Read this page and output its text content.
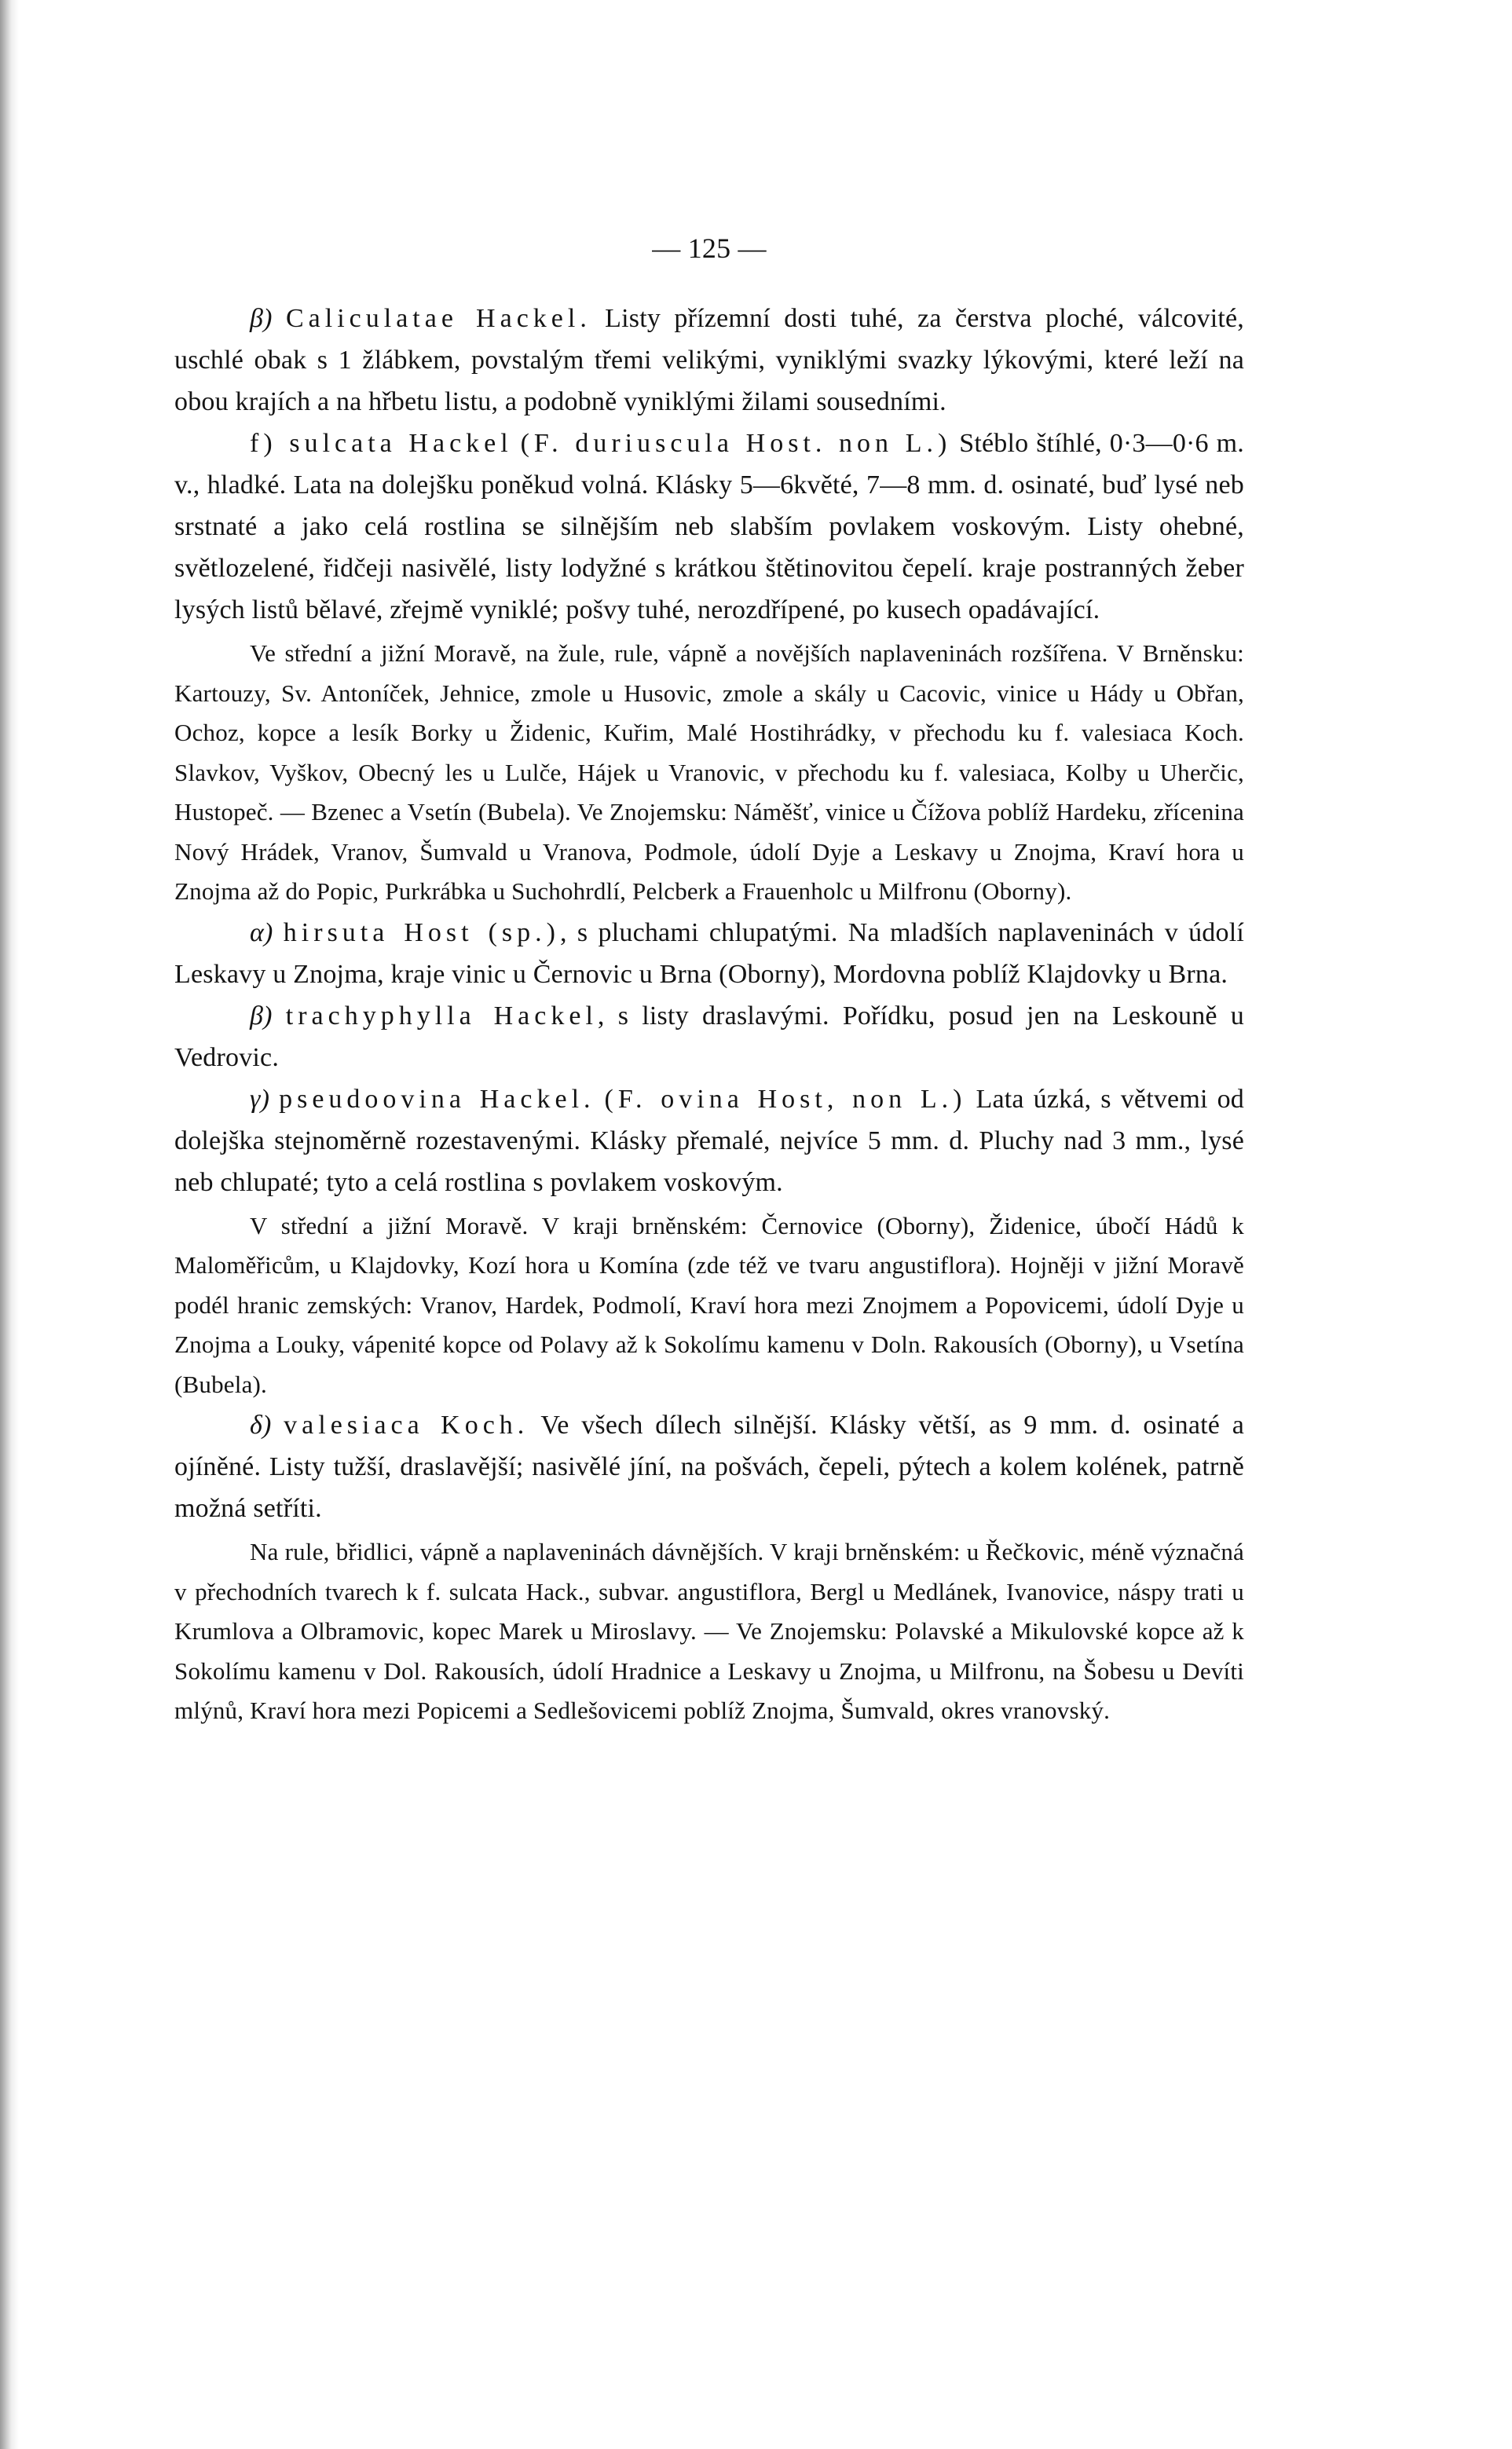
— 125 —

β) Caliculatae Hackel. Listy přízemní dosti tuhé, za čerstva ploché, válcovité, uschlé obak s 1 žlábkem, povstalým třemi velikými, vyniklými svazky lýkovými, které leží na obou krajích a na hřbetu listu, a podobně vyniklými žilami sousedními.

f) sulcata Hackel (F. duriuscula Host. non L.) Stéblo štíhlé, 0·3—0·6 m. v., hladké. Lata na dolejšku poněkud volná. Klásky 5—6květé, 7—8 mm. d. osinaté, buď lysé neb srstnaté a jako celá rostlina se silnějším neb slabším povlakem voskovým. Listy ohebné, světlozelené, řidčeji nasivělé, listy lodyžné s krátkou štětinovitou čepelí. kraje postranných žeber lysých listů bělavé, zřejmě vyniklé; pošvy tuhé, nerozdřípené, po kusech opadávající.

Ve střední a jižní Moravě, na žule, rule, vápně a novějších naplaveninách rozšířena. V Brněnsku: Kartouzy, Sv. Antoníček, Jehnice, zmole u Husovic, zmole a skály u Cacovic, vinice u Hády u Obřan, Ochoz, kopce a lesík Borky u Židenic, Kuřim, Malé Hostihrádky, v přechodu ku f. valesiaca Koch. Slavkov, Vyškov, Obecný les u Lulče, Hájek u Vranovic, v přechodu ku f. valesiaca, Kolby u Uherčic, Hustopeč. — Bzenec a Vsetín (Bubela). Ve Znojemsku: Náměšť, vinice u Čížova poblíž Hardeku, zřícenina Nový Hrádek, Vranov, Šumvald u Vranova, Podmole, údolí Dyje a Leskavy u Znojma, Kraví hora u Znojma až do Popic, Purkrábka u Suchohrdlí, Pelcberk a Frauenholc u Milfronu (Oborny).

α) hirsuta Host (sp.), s pluchami chlupatými. Na mladších naplaveninách v údolí Leskavy u Znojma, kraje vinic u Černovic u Brna (Oborny), Mordovna poblíž Klajdovky u Brna.

β) trachyphylla Hackel, s listy draslavými. Pořídku, posud jen na Leskouně u Vedrovic.

γ) pseudoovina Hackel. (F. ovina Host, non L.) Lata úzká, s větvemi od dolejška stejnoměrně rozestavenými. Klásky přemalé, nejvíce 5 mm. d. Pluchy nad 3 mm., lysé neb chlupaté; tyto a celá rostlina s povlakem voskovým.

V střední a jižní Moravě. V kraji brněnském: Černovice (Oborny), Židenice, úbočí Hádů k Maloměřicům, u Klajdovky, Kozí hora u Komína (zde též ve tvaru angustiflora). Hojněji v jižní Moravě podél hranic zemských: Vranov, Hardek, Podmolí, Kraví hora mezi Znojmem a Popovicemi, údolí Dyje u Znojma a Louky, vápenité kopce od Polavy až k Sokolímu kamenu v Doln. Rakousích (Oborny), u Vsetína (Bubela).

δ) valesiaca Koch. Ve všech dílech silnější. Klásky větší, as 9 mm. d. osinaté a ojíněné. Listy tužší, draslavější; nasivělé jíní, na pošvách, čepeli, pýtech a kolem kolének, patrně možná setříti.

Na rule, břidlici, vápně a naplaveninách dávnějších. V kraji brněnském: u Řečkovic, méně význačná v přechodních tvarech k f. sulcata Hack., subvar. angustiflora, Bergl u Medlánek, Ivanovice, náspy trati u Krumlova a Olbramovic, kopec Marek u Miroslavy. — Ve Znojemsku: Polavské a Mikulovské kopce až k Sokolímu kamenu v Dol. Rakousích, údolí Hradnice a Leskavy u Znojma, u Milfronu, na Šobesu u Devíti mlýnů, Kraví hora mezi Popicemi a Sedlešovicemi poblíž Znojma, Šumvald, okres vranovský.
